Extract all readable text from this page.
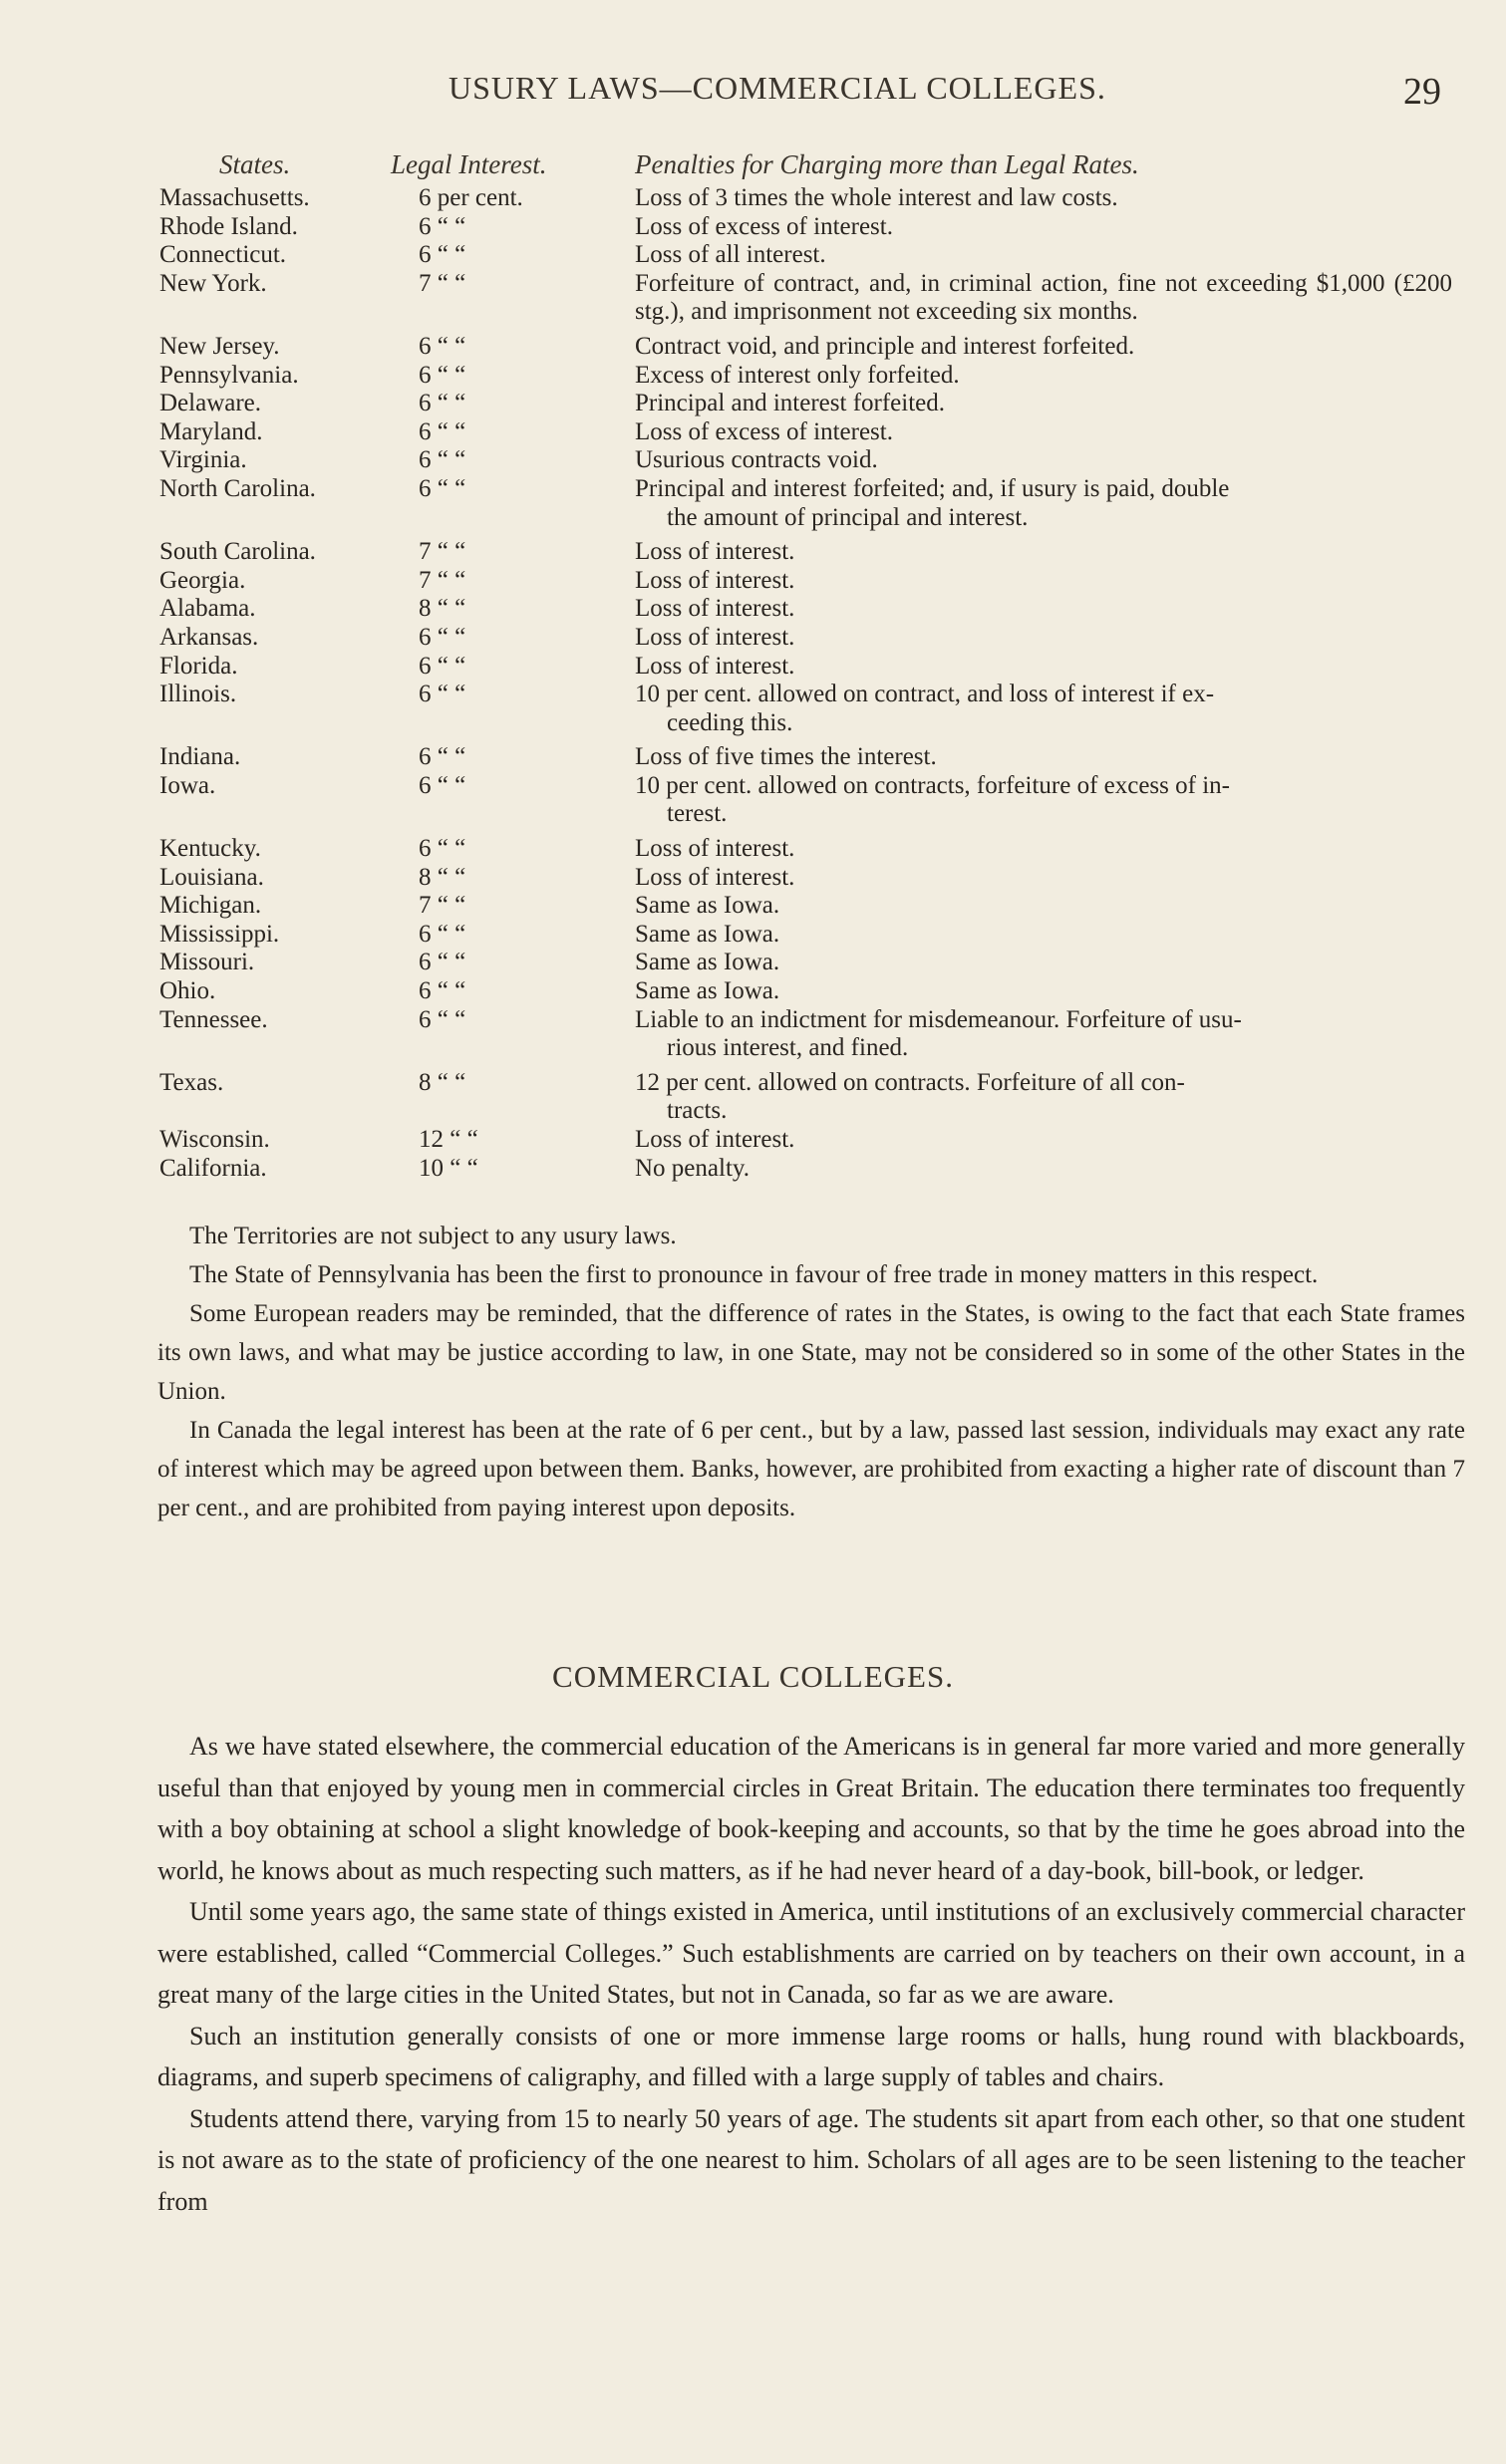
USURY LAWS—COMMERCIAL COLLEGES.	29
States.	Legal Interest.	Penalties for Charging more than Legal Rates.
Massachusetts.	6 per cent.	Loss of 3 times the whole interest and law costs.
Rhode Island.	6 “ “	Loss of excess of interest.
Connecticut.	6 “ “	Loss of all interest.
New York.	7 “ “	Forfeiture of contract, and, in criminal action, fine not exceeding $1,000 (£200 stg.), and imprisonment not exceeding six months.
New Jersey.	6 “ “	Contract void, and principle and interest forfeited.
Pennsylvania.	6 “ “	Excess of interest only forfeited.
Delaware.	6 “ “	Principal and interest forfeited.
Maryland.	6 “ “	Loss of excess of interest.
Virginia.	6 “ “	Usurious contracts void.
North Carolina.	6 “ “	Principal and interest forfeited; and, if usury is paid, double
the amount of principal and interest.
South Carolina.	7 “ “	Loss of interest.
Georgia.	7 “ “	Loss of interest.
Alabama.	8 “ “	Loss of interest.
Arkansas.	6 “ “	Loss of interest.
Florida.	6 “ “	Loss of interest.
Illinois.	6 “ “	10 per cent. allowed on contract, and loss of interest if ex-
ceeding this.
Indiana.	6 “ “	Loss of five times the interest.
Iowa.	6 “ “	10 per cent. allowed on contracts, forfeiture of excess of in-
terest.
Kentucky.	6 “ “	Loss of interest.
Louisiana.	8 “ “	Loss of interest.
Michigan.	7 “ “	Same as Iowa.
Mississippi.	6 “ “	Same as Iowa.
Missouri.	6 “ “	Same as Iowa.
Ohio.	6 “ “	Same as Iowa.
Tennessee.	6 “ “	Liable to an indictment for misdemeanour. Forfeiture of usu-
rious interest, and fined.
Texas.	8 “ “	12 per cent. allowed on contracts. Forfeiture of all con-
tracts.
Wisconsin.	12 “ “	Loss of interest.
California.	10 “ “	No penalty.

The Territories are not subject to any usury laws.

The State of Pennsylvania has been the first to pronounce in favour of free trade in money matters in this respect.

Some European readers may be reminded, that the difference of rates in the States, is owing to the fact that each State frames its own laws, and what may be justice according to law, in one State, may not be considered so in some of the other States in the Union.

In Canada the legal interest has been at the rate of 6 per cent., but by a law, passed last session, individuals may exact any rate of interest which may be agreed upon between them. Banks, however, are prohibited from exacting a higher rate of discount than 7 per cent., and are prohibited from paying interest upon deposits.

COMMERCIAL COLLEGES.

As we have stated elsewhere, the commercial education of the Americans is in general far more varied and more generally useful than that enjoyed by young men in commercial circles in Great Britain. The education there terminates too frequently with a boy obtaining at school a slight knowledge of book-keeping and accounts, so that by the time he goes abroad into the world, he knows about as much respecting such matters, as if he had never heard of a day-book, bill-book, or ledger.

Until some years ago, the same state of things existed in America, until institutions of an exclusively commercial character were established, called “Commercial Colleges.” Such establishments are carried on by teachers on their own account, in a great many of the large cities in the United States, but not in Canada, so far as we are aware.

Such an institution generally consists of one or more immense large rooms or halls, hung round with blackboards, diagrams, and superb specimens of caligraphy, and filled with a large supply of tables and chairs.

Students attend there, varying from 15 to nearly 50 years of age. The students sit apart from each other, so that one student is not aware as to the state of proficiency of the one nearest to him. Scholars of all ages are to be seen listening to the teacher from
